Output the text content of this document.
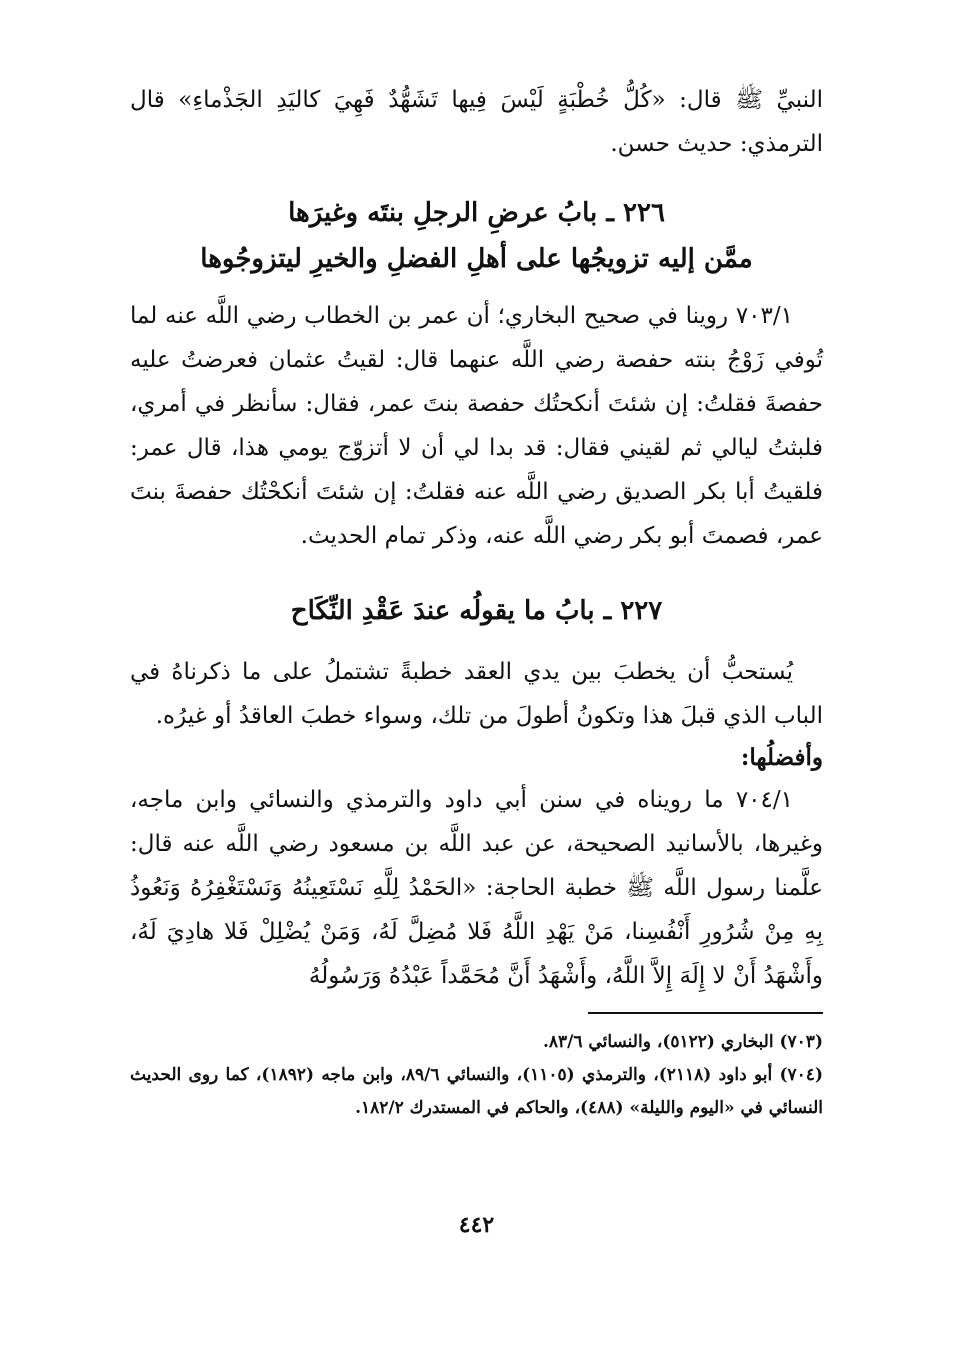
النبيِّ ﷺ قال: «كُلُّ خُطْبَةٍ لَيْسَ فِيها تَشَهُّدٌ فَهِيَ كاليَدِ الجَذْماءِ» قال الترمذي: حديث حسن.

٢٢٦ ـ بابُ عرضِ الرجلِ بنتَه وغيرَها
ممَّن إليه تزويجُها على أهلِ الفضلِ والخيرِ ليتزوجُوها

٧٠٣/١ روينا في صحيح البخاري؛ أن عمر بن الخطاب رضي اللَّه عنه لما تُوفي زَوْجُ بنته حفصة رضي اللَّه عنهما قال: لقيتُ عثمان فعرضتُ عليه حفصةَ فقلتُ: إن شئتَ أنكحتُك حفصة بنتَ عمر، فقال: سأنظر في أمري، فلبثتُ ليالي ثم لقيني فقال: قد بدا لي أن لا أتزوّج يومي هذا، قال عمر: فلقيتُ أبا بكر الصديق رضي اللَّه عنه فقلتُ: إن شئتَ أنكحْتُك حفصةَ بنتَ عمر، فصمتَ أبو بكر رضي اللَّه عنه، وذكر تمام الحديث.

٢٢٧ ـ بابُ ما يقولُه عندَ عَقْدِ النِّكَاح

يُستحبُّ أن يخطبَ بين يدي العقد خطبةً تشتملُ على ما ذكرناهُ في الباب الذي قبلَ هذا وتكونُ أطولَ من تلك، وسواء خطبَ العاقدُ أو غيرُه.

وأفضلُها:

٧٠٤/١ ما رويناه في سنن أبي داود والترمذي والنسائي وابن ماجه، وغيرها، بالأسانيد الصحيحة، عن عبد اللَّه بن مسعود رضي اللَّه عنه قال: علَّمنا رسول اللَّه ﷺ خطبة الحاجة: «الحَمْدُ لِلَّهِ نَسْتَعِينُهُ وَنَسْتَغْفِرُهُ وَنَعُوذُ بِهِ مِنْ شُرُورِ أَنْفُسِنا، مَنْ يَهْدِ اللَّهُ فَلا مُضِلَّ لَهُ، وَمَنْ يُضْلِلْ فَلا هادِيَ لَهُ، وأَشْهَدُ أَنْ لا إِلَهَ إِلاَّ اللَّهُ، وأَشْهَدُ أَنَّ مُحَمَّداً عَبْدُهُ وَرَسُولُهُ

(٧٠٣) البخاري (٥١٢٢)، والنسائي ٨٣/٦.

(٧٠٤) أبو داود (٢١١٨)، والترمذي (١١٠٥)، والنسائي ٨٩/٦، وابن ماجه (١٨٩٢)، كما روى الحديث النسائي في «اليوم والليلة» (٤٨٨)، والحاكم في المستدرك ١٨٢/٢.

٤٤٢
